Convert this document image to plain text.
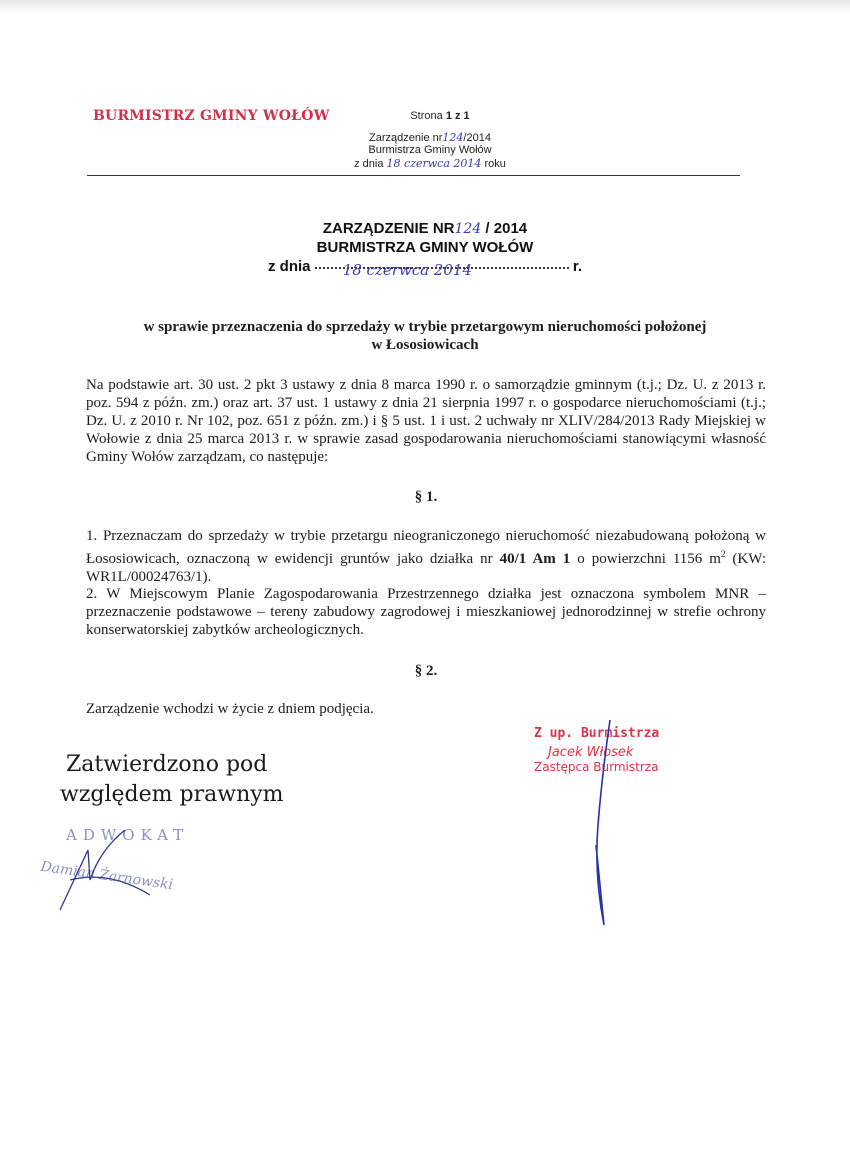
BURMISTRZ GMINY WOŁÓW	Strona 1 z 1
Zarządzenie nr124/2014
Burmistrza Gminy Wołów
z dnia 18 czerwca 2014 roku
ZARZĄDZENIE NR124 / 2014
BURMISTRZA GMINY WOŁÓW
z dnia 18 czerwca 2014	r.
w sprawie przeznaczenia do sprzedaży w trybie przetargowym nieruchomości położonej
w Łososiowicach
Na podstawie art. 30 ust. 2 pkt 3 ustawy z dnia 8 marca 1990 r. o samorządzie gminnym (t.j.; Dz. U. z 2013 r. poz. 594 z późn. zm.) oraz art. 37 ust. 1 ustawy z dnia 21 sierpnia 1997 r. o gospodarce nieruchomościami (t.j.; Dz. U. z 2010 r. Nr 102, poz. 651 z późn. zm.) i § 5 ust. 1 i ust. 2 uchwały nr XLIV/284/2013 Rady Miejskiej w Wołowie z dnia 25 marca 2013 r. w sprawie zasad gospodarowania nieruchomościami stanowiącymi własność Gminy Wołów zarządzam, co następuje:
§ 1.
1. Przeznaczam do sprzedaży w trybie przetargu nieograniczonego nieruchomość niezabudowaną położoną w Łososiowicach, oznaczoną w ewidencji gruntów jako działka nr 40/1 Am 1 o powierzchni 1156 $m^2$ (KW: WR1L/00024763/1).
2. W Miejscowym Planie Zagospodarowania Przestrzennego działka jest oznaczona symbolem MNR – przeznaczenie podstawowe – tereny zabudowy zagrodowej i mieszkaniowej jednorodzinnej w strefie ochrony konserwatorskiej zabytków archeologicznych.
§ 2.
Zarządzenie wchodzi w życie z dniem podjęcia.
Zatwierdzono pod
względem prawnym
ADWOKAT
Damian Żarnowski
Z up. Burmistrza
Jacek Włosek
Zastępca Burmistrza
